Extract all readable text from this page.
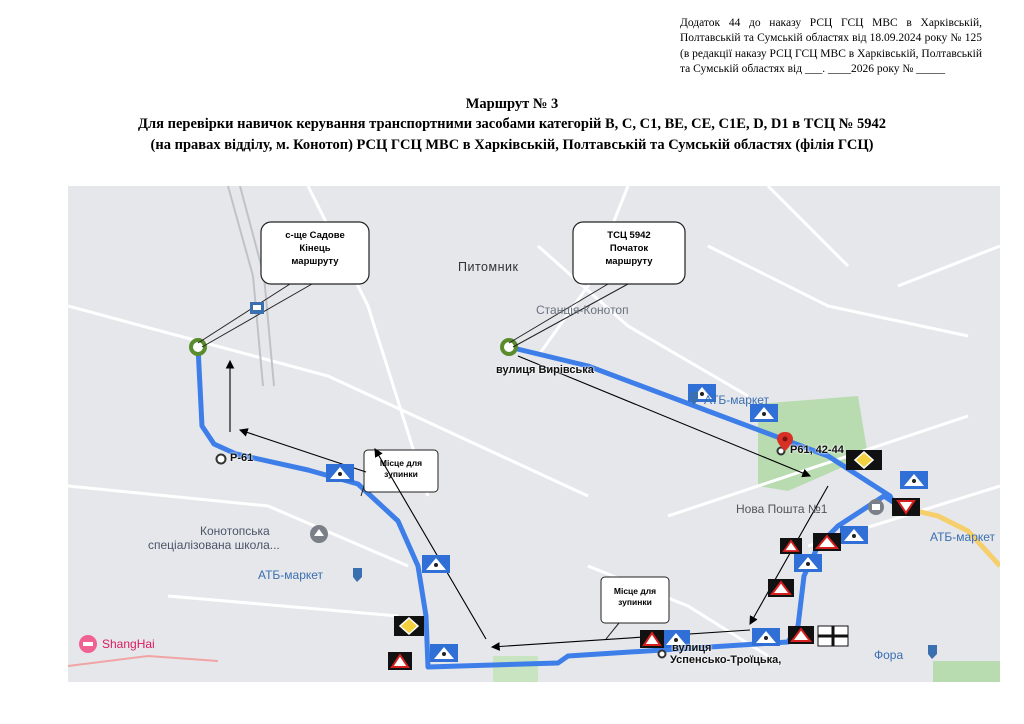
Додаток 44 до наказу РСЦ ГСЦ МВС в Харківській, Полтавській та Сумській областях від 18.09.2024 року № 125 (в редакції наказу РСЦ ГСЦ МВС в Харківській, Полтавській та Сумській областях від ___. ____2026 року № _____
Маршрут № 3
Для перевірки навичок керування транспортними засобами категорій B, C, C1, BE, CE, C1E, D, D1 в ТСЦ № 5942
(на правах відділу, м. Конотоп) РСЦ ГСЦ МВС в Харківській, Полтавській та Сумській областях (філія ГСЦ)
с-ще Садове
Кінець
маршруту
ТСЦ 5942
Початок
маршруту
Місце для
зупинки
Місце для
зупинки
Питомник
Станція-Конотоп
вулиця Вирівська
АТБ-маркет
Р61, 42-44
Р-61
Нова Пошта №1
АТБ-маркет
Конотопська
спеціалізована школа...
АТБ-маркет
ShangHai	вулиця
Успенсько-Троїцька,	Фора
